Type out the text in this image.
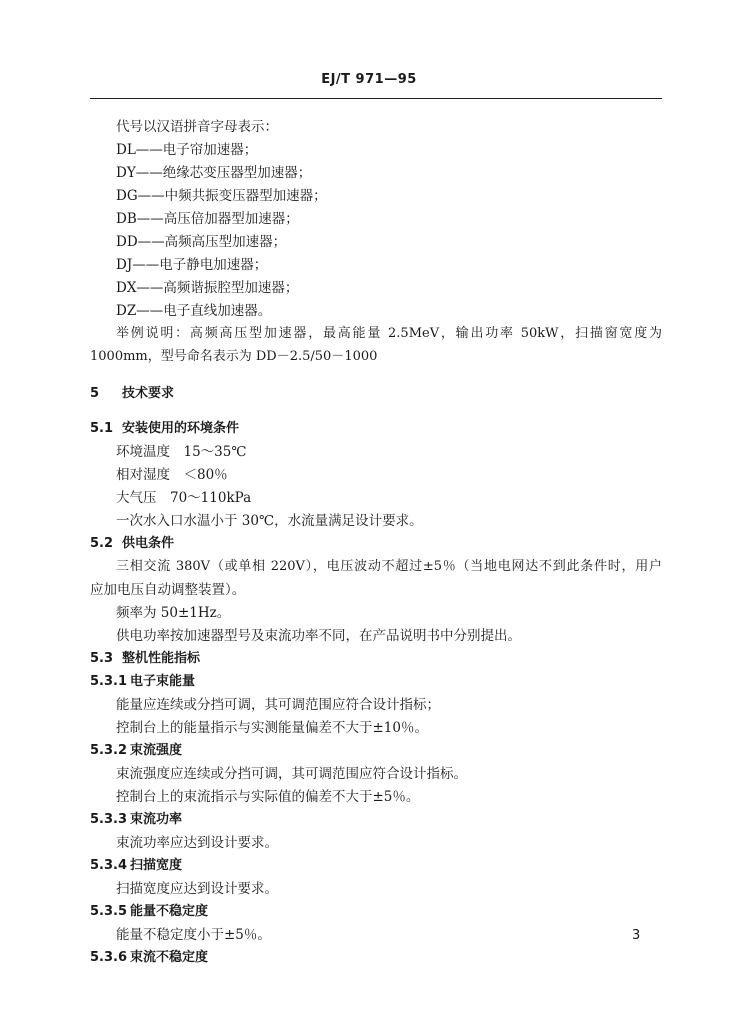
EJ/T 971—95
代号以汉语拼音字母表示：
DL——电子帘加速器；
DY——绝缘芯变压器型加速器；
DG——中频共振变压器型加速器；
DB——高压倍加器型加速器；
DD——高频高压型加速器；
DJ——电子静电加速器；
DX——高频谐振腔型加速器；
DZ——电子直线加速器。
举例说明：高频高压型加速器，最高能量 2.5MeV，输出功率 50kW，扫描窗宽度为
1000mm，型号命名表示为 DD－2.5/50－1000
5 技术要求
5.1 安装使用的环境条件
环境温度　15～35℃
相对湿度　＜80％
大气压　70～110kPa
一次水入口水温小于 30℃，水流量满足设计要求。
5.2 供电条件
三相交流 380V（或单相 220V），电压波动不超过±5％（当地电网达不到此条件时，用户
应加电压自动调整装置）。
频率为 50±1Hz。
供电功率按加速器型号及束流功率不同，在产品说明书中分别提出。
5.3 整机性能指标
5.3.1 电子束能量
能量应连续或分挡可调，其可调范围应符合设计指标；
控制台上的能量指示与实测能量偏差不大于±10％。
5.3.2 束流强度
束流强度应连续或分挡可调，其可调范围应符合设计指标。
控制台上的束流指示与实际值的偏差不大于±5％。
5.3.3 束流功率
束流功率应达到设计要求。
5.3.4 扫描宽度
扫描宽度应达到设计要求。
5.3.5 能量不稳定度
能量不稳定度小于±5％。
5.3.6 束流不稳定度
3
